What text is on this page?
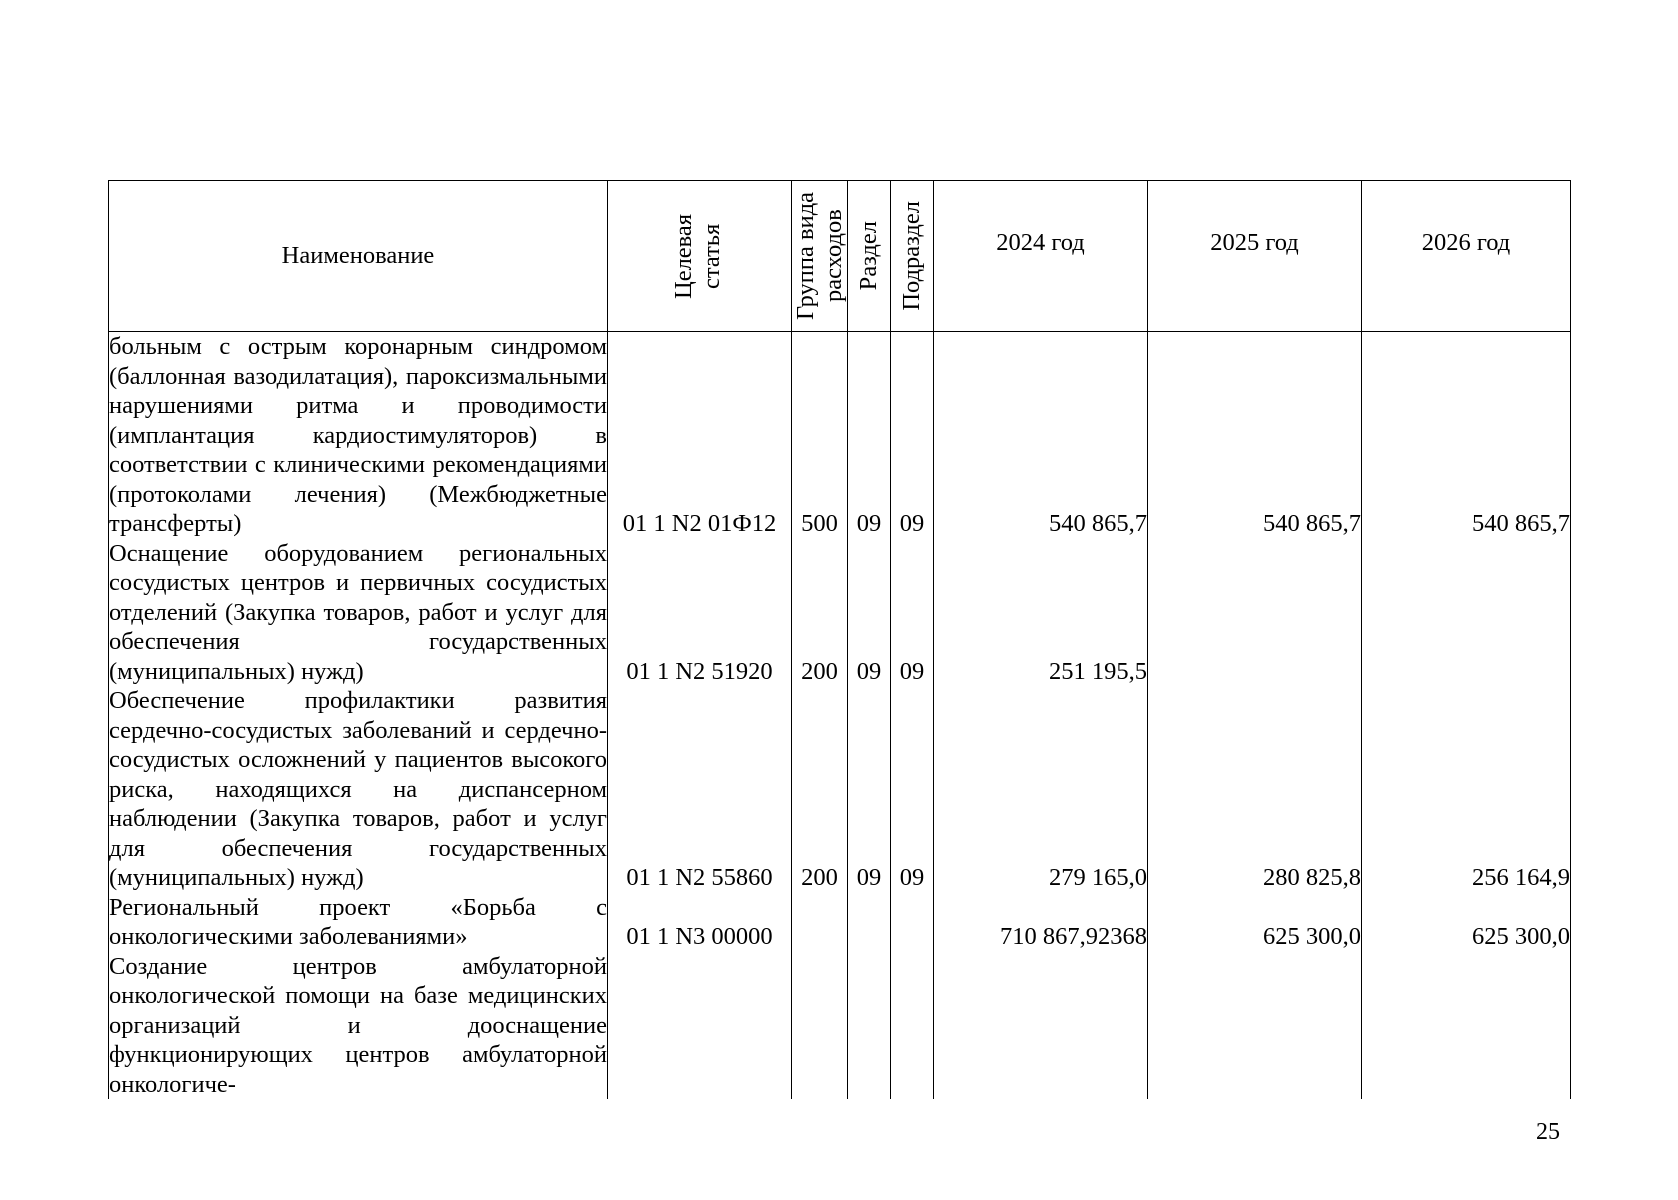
Наименование	Целевая статья	Группа вида расходов	Раздел	Подраздел	2024 год	2025 год	2026 год

больным с острым коронарным синдромом (баллонная вазодилатация), пароксизмальными нарушениями ритма и проводимости (имплантация кардиостимуляторов) в соответствии с клиническими рекомендациями (протоколами лечения) (Межбюджетные трансферты)	01 1 N2 01Ф12	500	09	09	540 865,7	540 865,7	540 865,7
Оснащение оборудованием региональных сосудистых центров и первичных сосудистых отделений (Закупка товаров, работ и услуг для обеспечения государственных (муниципальных) нужд)	01 1 N2 51920	200	09	09	251 195,5		
Обеспечение профилактики развития сердечно-сосудистых заболеваний и сердечно-сосудистых осложнений у пациентов высокого риска, находящихся на диспансерном наблюдении (Закупка товаров, работ и услуг для обеспечения государственных (муниципальных) нужд)	01 1 N2 55860	200	09	09	279 165,0	280 825,8	256 164,9
Региональный проект «Борьба с онкологическими заболеваниями»	01 1 N3 00000				710 867,92368	625 300,0	625 300,0
Создание центров амбулаторной онкологической помощи на базе медицинских организаций и дооснащение функционирующих центров амбулаторной онкологиче-							
25
